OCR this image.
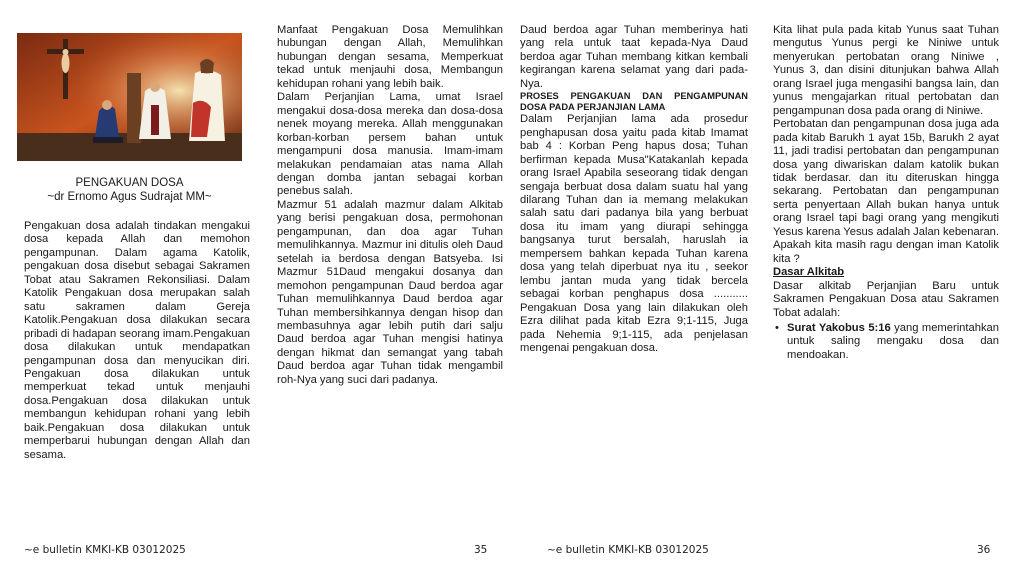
PENGAKUAN DOSA
~dr Ernomo Agus Sudrajat MM~

Pengakuan dosa adalah tindakan mengakui dosa kepada Allah dan memohon pengampunan. Dalam agama Katolik, pengakuan dosa disebut sebagai Sakramen Tobat atau Sakramen Rekonsiliasi. Dalam Katolik Pengakuan dosa merupakan salah satu sakramen dalam Gereja Katolik.Pengakuan dosa dilakukan secara pribadi di hadapan seorang imam.Pengakuan dosa dilakukan untuk mendapatkan pengampunan dosa dan menyucikan diri. Pengakuan dosa dilakukan untuk memperkuat tekad untuk menjauhi dosa.Pengakuan dosa dilakukan untuk membangun kehidupan rohani yang lebih baik.Pengakuan dosa dilakukan untuk memperbarui hubungan dengan Allah dan sesama.

Manfaat Pengakuan Dosa Memulihkan hubungan dengan Allah, Memulihkan hubungan dengan sesama, Memperkuat tekad untuk menjauhi dosa, Membangun kehidupan rohani yang lebih baik.

Dalam Perjanjian Lama, umat Israel mengakui dosa-dosa mereka dan dosa-dosa nenek moyang mereka. Allah menggunakan korban-korban persem bahan untuk mengampuni dosa manusia. Imam-imam melakukan pendamaian atas nama Allah dengan domba jantan sebagai korban penebus salah.

Mazmur 51 adalah mazmur dalam Alkitab yang berisi pengakuan dosa, permohonan pengampunan, dan doa agar Tuhan memulihkannya. Mazmur ini ditulis oleh Daud setelah ia berdosa dengan Batsyeba. Isi Mazmur 51Daud mengakui dosanya dan memohon pengampunan Daud berdoa agar Tuhan memulihkannya Daud berdoa agar Tuhan membersihkannya dengan hisop dan membasuhnya agar lebih putih dari salju Daud berdoa agar Tuhan mengisi hatinya dengan hikmat dan semangat yang tabah Daud berdoa agar Tuhan tidak mengambil roh-Nya yang suci dari padanya.

Daud berdoa agar Tuhan memberinya hati yang rela untuk taat kepada-Nya Daud berdoa agar Tuhan membang kitkan kembali kegirangan karena selamat yang dari pada-Nya.

PROSES PENGAKUAN DAN PENGAMPUNAN DOSA PADA PERJANJIAN LAMA

Dalam Perjanjian lama ada prosedur penghapusan dosa yaitu pada kitab Imamat bab 4 : Korban Peng hapus dosa; Tuhan berfirman kepada Musa"Katakanlah kepada orang Israel Apabila seseorang tidak dengan sengaja berbuat dosa dalam suatu hal yang dilarang Tuhan dan ia memang melakukan salah satu dari padanya bila yang berbuat dosa itu imam yang diurapi sehingga bangsanya turut bersalah, haruslah ia mempersem bahkan kepada Tuhan karena dosa yang telah diperbuat nya itu , seekor lembu jantan muda yang tidak bercela sebagai korban penghapus dosa ........... Pengakuan Dosa yang lain dilakukan oleh Ezra dilihat pada kitab Ezra 9;1-115, Juga pada Nehemia 9;1-115, ada penjelasan mengenai pengakuan dosa.

Kita lihat pula pada kitab Yunus saat Tuhan mengutus Yunus pergi ke Niniwe untuk menyerukan pertobatan orang Niniwe , Yunus 3, dan disini ditunjukan bahwa Allah orang Israel juga mengasihi bangsa lain, dan yunus mengajarkan ritual pertobatan dan pengampunan dosa pada orang di Niniwe.

Pertobatan dan pengampunan dosa juga ada pada kitab Barukh 1 ayat 15b, Barukh 2 ayat 11, jadi tradisi pertobatan dan pengampunan dosa yang diwariskan dalam katolik bukan tidak berdasar. dan itu diteruskan hingga sekarang. Pertobatan dan pengampunan serta penyertaan Allah bukan hanya untuk orang Israel tapi bagi orang yang mengikuti Yesus karena Yesus adalah Jalan kebenaran. Apakah kita masih ragu dengan iman Katolik kita ?

Dasar Alkitab

Dasar alkitab Perjanjian Baru untuk Sakramen Pengakuan Dosa atau Sakramen Tobat adalah:

• Surat Yakobus 5:16 yang memerintahkan untuk saling mengaku dosa dan mendoakan.
~e bulletin KMKI-KB 03012025	35	~e bulletin KMKI-KB 03012025	36
